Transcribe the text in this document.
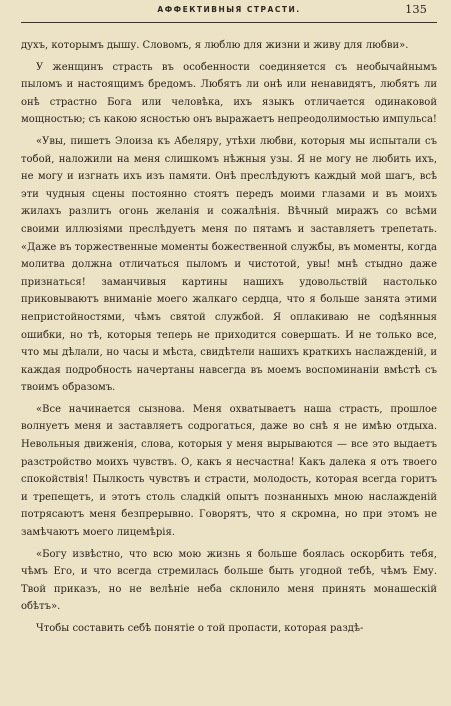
АФФЕКТИВНЫЯ СТРАСТИ.	135

духъ, которымъ дышу. Словомъ, я люблю для жизни и живу для любви».

У женщинъ страсть въ особенности соединяется съ необычайнымъ пыломъ и настоящимъ бредомъ. Любятъ ли онѣ или ненавидятъ, любятъ ли онѣ страстно Бога или человѣка, ихъ языкъ отличается одинаковой мощностью; съ какою ясностью онъ выражаетъ непреодолимостью импульса!

«Увы, пишетъ Элоиза къ Абеляру, утѣхи любви, которыя мы испытали съ тобой, наложили на меня слишкомъ нѣжныя узы. Я не могу не любить ихъ, не могу и изгнать ихъ изъ памяти. Онѣ преслѣдуютъ каждый мой шагъ, всѣ эти чудныя сцены постоянно стоятъ передъ моими глазами и въ моихъ жилахъ разлитъ огонь желанія и сожалѣнія. Вѣчный миражъ со всѣми своими иллюзіями преслѣдуетъ меня по пятамъ и заставляетъ трепетать. «Даже въ торжественные моменты божественной службы, въ моменты, когда молитва должна отличаться пыломъ и чистотой, увы! мнѣ стыдно даже признаться! заманчивыя картины нашихъ удовольствій настолько приковываютъ вниманіе моего жалкаго сердца, что я больше занята этими непристойностями, чѣмъ святой службой. Я оплакиваю не содѣянныя ошибки, но тѣ, которыя теперь не приходится совершать. И не только все, что мы дѣлали, но часы и мѣста, свидѣтели нашихъ краткихъ наслажденій, и каждая подробность начертаны навсегда въ моемъ воспоминаніи вмѣстѣ съ твоимъ образомъ.

«Все начинается сызнова. Меня охватываетъ наша страсть, прошлое волнуетъ меня и заставляетъ содрогаться, даже во снѣ я не имѣю отдыха. Невольныя движенія, слова, которыя у меня вырываются — все это выдаетъ разстройство моихъ чувствъ. О, какъ я несчастна! Какъ далека я отъ твоего спокойствія! Пылкость чувствъ и страсти, молодость, которая всегда горитъ и трепещетъ, и этотъ столь сладкій опытъ познанныхъ мною наслажденій потрясаютъ меня безпрерывно. Говорятъ, что я скромна, но при этомъ не замѣчаютъ моего лицемѣрія.

«Богу извѣстно, что всю мою жизнь я больше боялась оскорбить тебя, чѣмъ Его, и что всегда стремилась больше быть угодной тебѣ, чѣмъ Ему. Твой приказъ, но не велѣніе неба склонило меня принять монашескій обѣтъ».

Чтобы составить себѣ понятіе о той пропасти, которая раздѣ-
